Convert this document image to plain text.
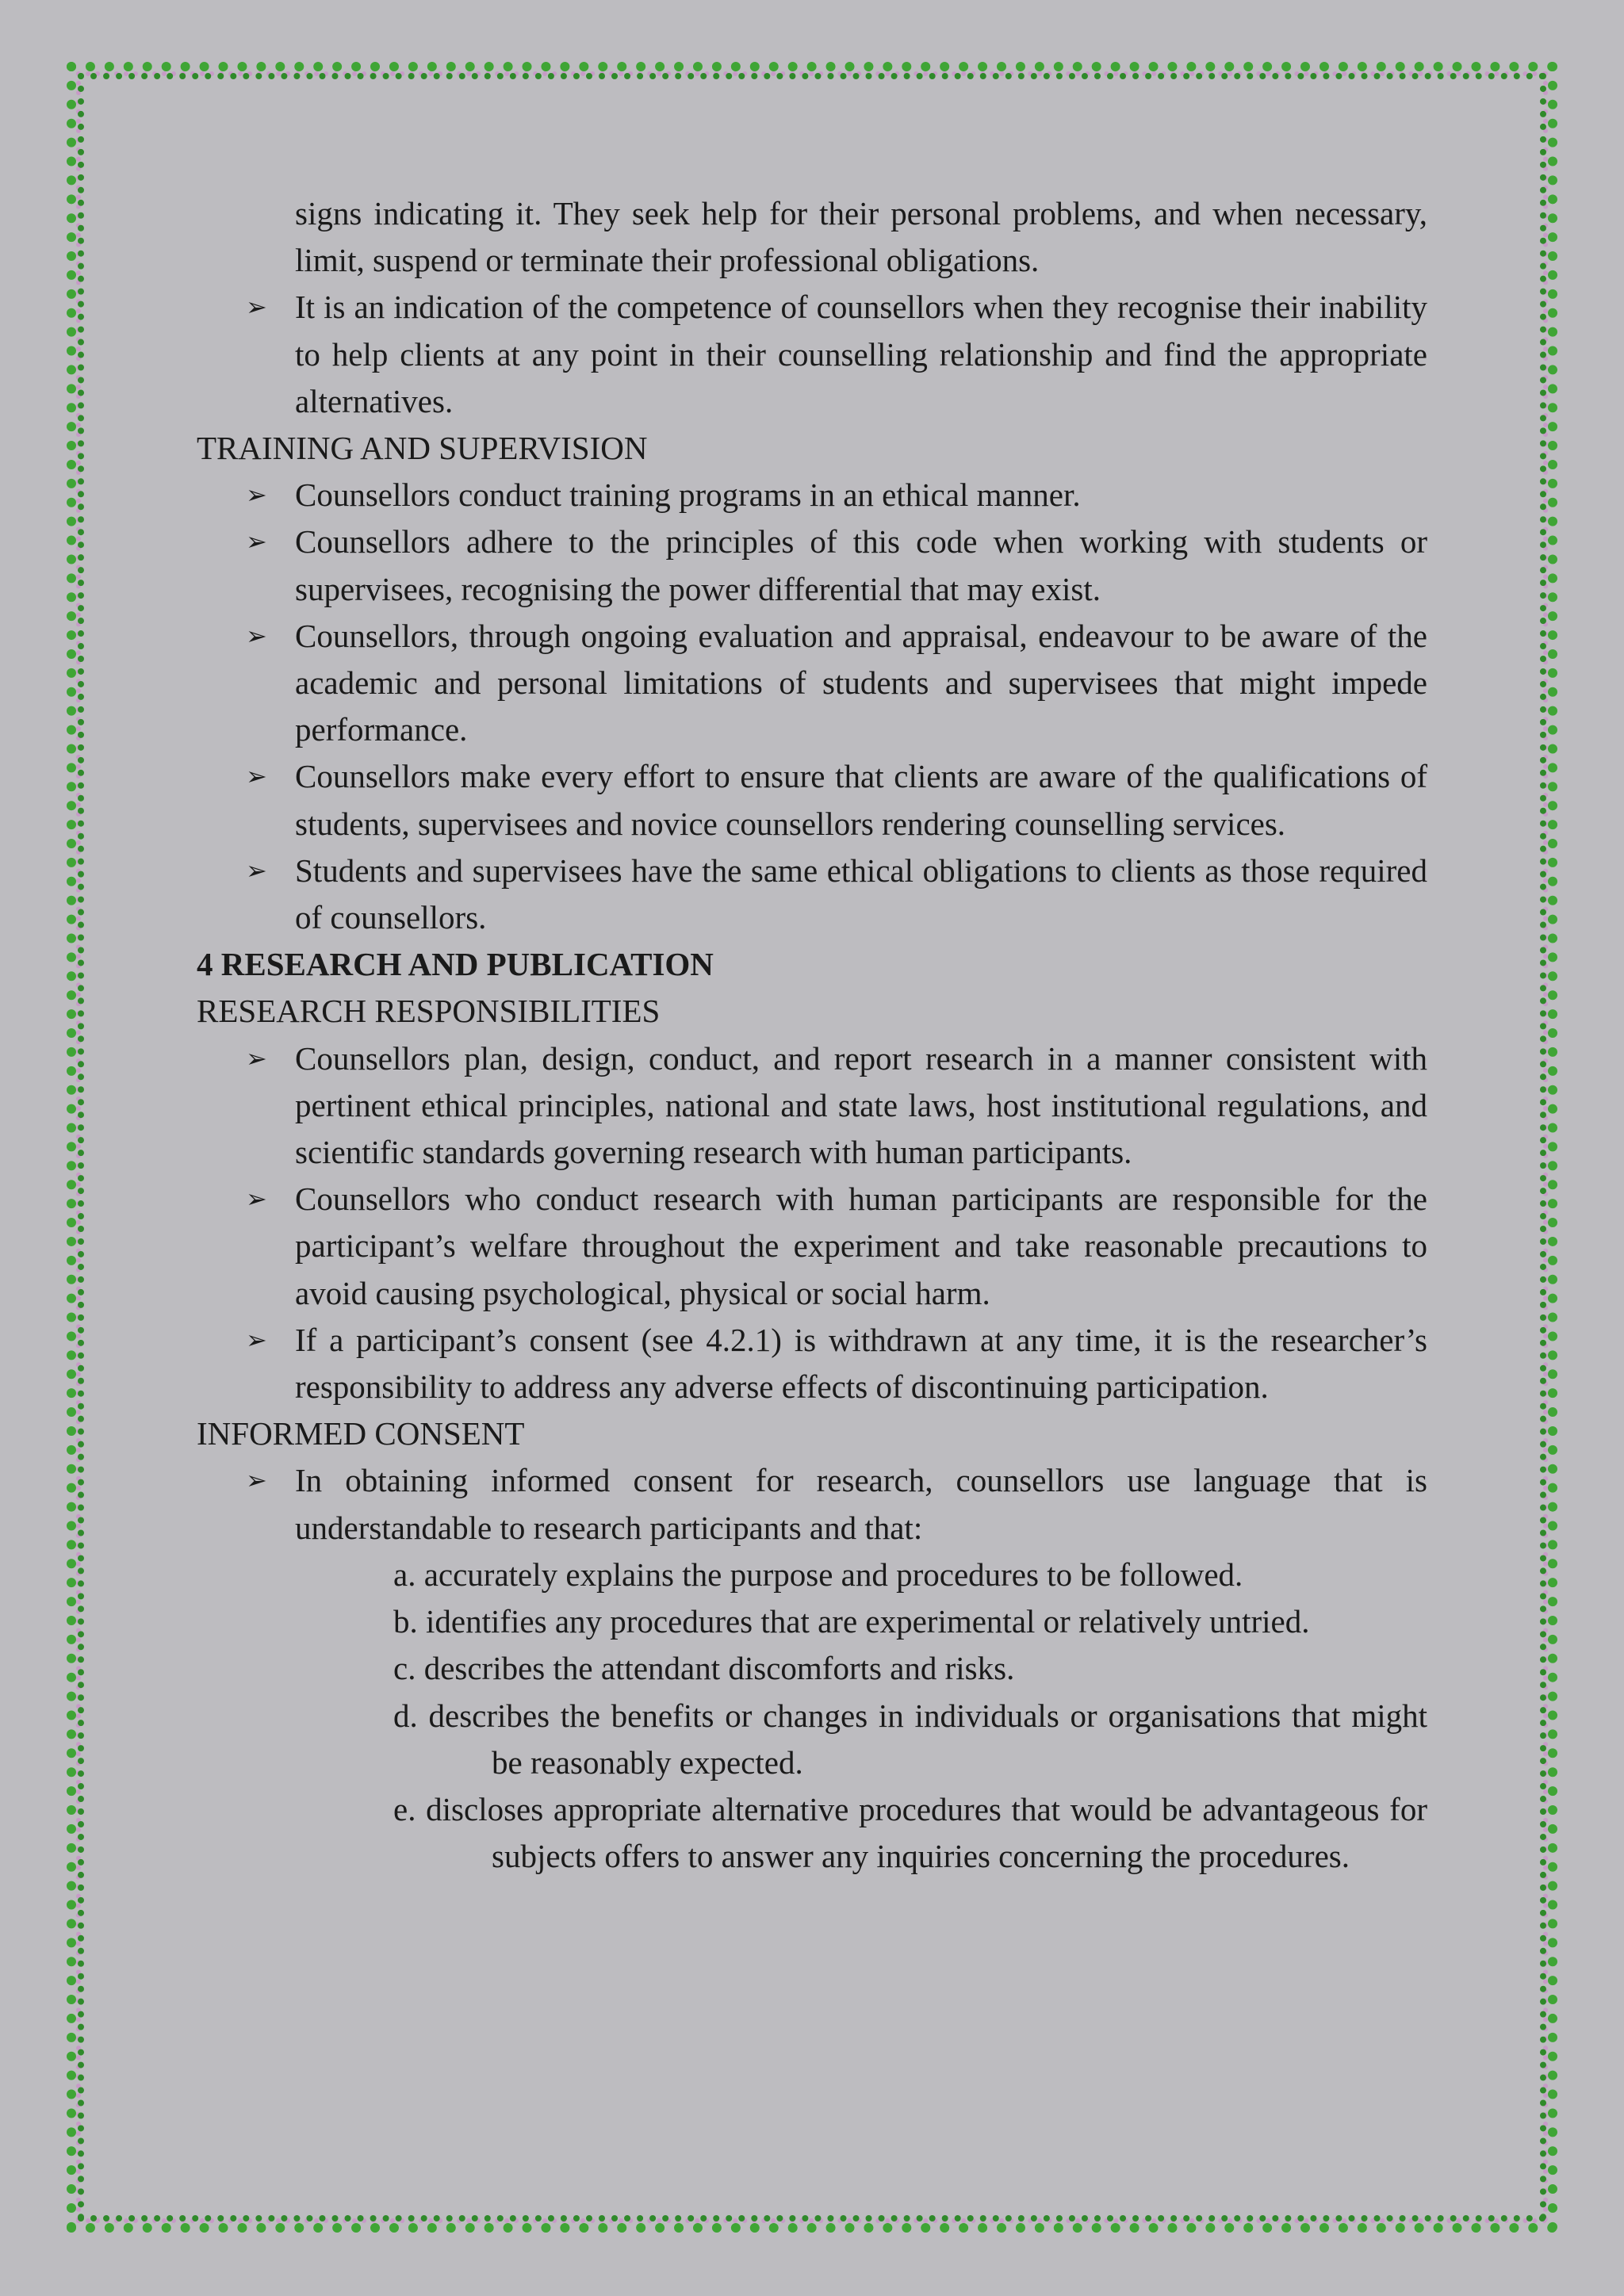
signs indicating it. They seek help for their personal problems, and when necessary, limit, suspend or terminate their professional obligations.
➢ It is an indication of the competence of counsellors when they recognise their inability to help clients at any point in their counselling relationship and find the appropriate alternatives.
TRAINING AND SUPERVISION
➢ Counsellors conduct training programs in an ethical manner.
➢ Counsellors adhere to the principles of this code when working with students or supervisees, recognising the power differential that may exist.
➢ Counsellors, through ongoing evaluation and appraisal, endeavour to be aware of the academic and personal limitations of students and supervisees that might impede performance.
➢ Counsellors make every effort to ensure that clients are aware of the qualifications of students, supervisees and novice counsellors rendering counselling services.
➢ Students and supervisees have the same ethical obligations to clients as those required of counsellors.
4 RESEARCH AND PUBLICATION
RESEARCH RESPONSIBILITIES
➢ Counsellors plan, design, conduct, and report research in a manner consistent with pertinent ethical principles, national and state laws, host institutional regulations, and scientific standards governing research with human participants.
➢ Counsellors who conduct research with human participants are responsible for the participant’s welfare throughout the experiment and take reasonable precautions to avoid causing psychological, physical or social harm.
➢ If a participant’s consent (see 4.2.1) is withdrawn at any time, it is the researcher’s responsibility to address any adverse effects of discontinuing participation.
INFORMED CONSENT
➢ In obtaining informed consent for research, counsellors use language that is understandable to research participants and that:
a. accurately explains the purpose and procedures to be followed.
b. identifies any procedures that are experimental or relatively untried.
c. describes the attendant discomforts and risks.
d. describes the benefits or changes in individuals or organisations that might be reasonably expected.
e. discloses appropriate alternative procedures that would be advantageous for subjects offers to answer any inquiries concerning the procedures.
